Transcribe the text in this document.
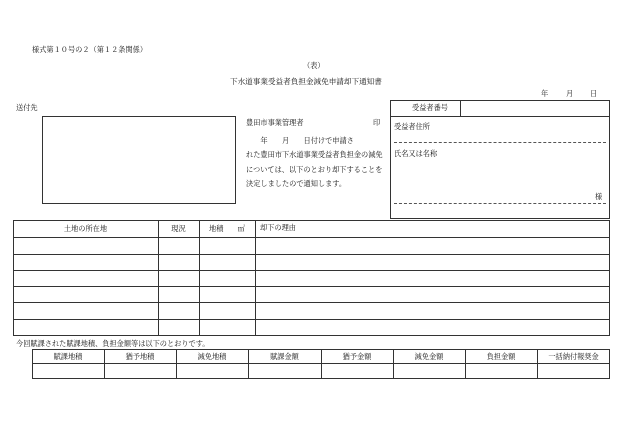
様式第１０号の２（第１２条関係）
（表）
下水道事業受益者負担金減免申請却下通知書
年 月 日
送付先
豊田市事業管理者	印
　　年　　月　　日付けで申請さ
れた豊田市下水道事業受益者負担金の減免については、以下のとおり却下することを決定しましたので通知します。
受益者番号
受益者住所
氏名又は名称
様
土地の所在地	現況	地積　　㎡	却下の理由
今回賦課された賦課地積、負担金額等は以下のとおりです。
賦課地積	猶予地積	減免地積	賦課金額	猶予金額	減免金額	負担金額	一括納付報奨金
